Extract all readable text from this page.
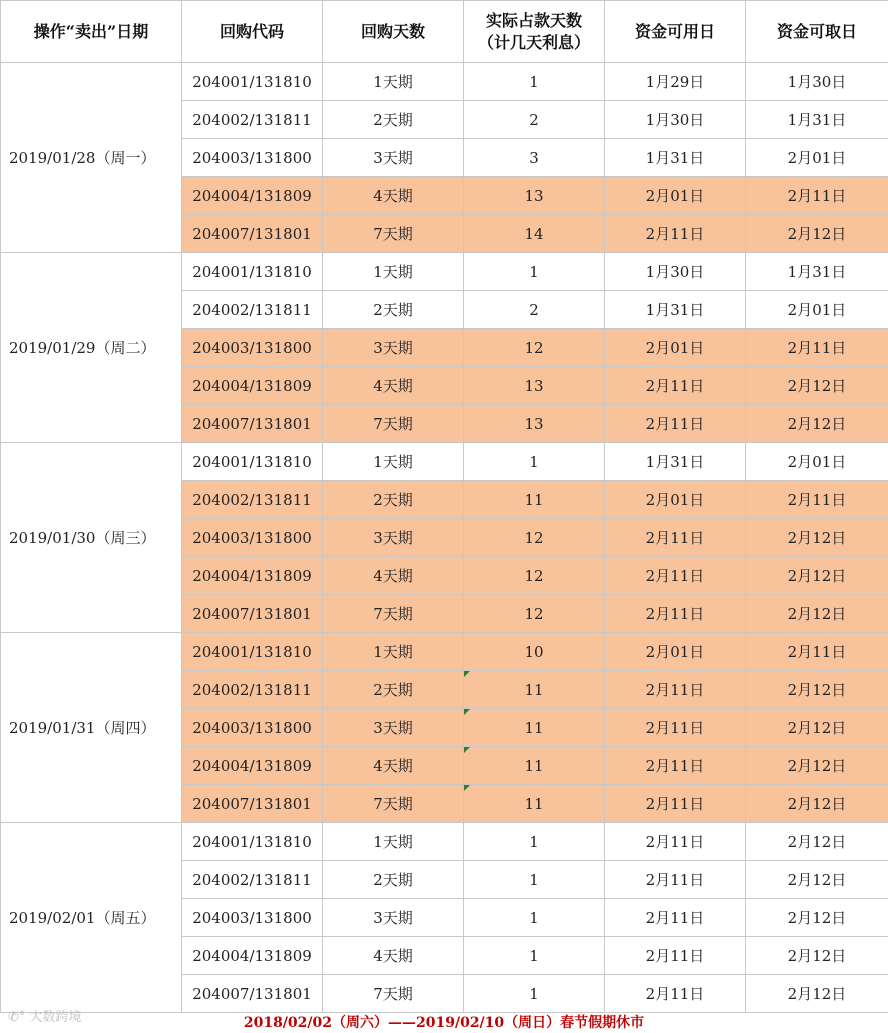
操作“卖出”日期	回购代码	回购天数	实际占款天数
（计几天利息）	资金可用日	资金可取日
2019/01/28（周一）	204001/131810	1天期	1	1月29日	1月30日
	204002/131811	2天期	2	1月30日	1月31日
	204003/131800	3天期	3	1月31日	2月01日
	204004/131809	4天期	13	2月01日	2月11日
	204007/131801	7天期	14	2月11日	2月12日
2019/01/29（周二）	204001/131810	1天期	1	1月30日	1月31日
	204002/131811	2天期	2	1月31日	2月01日
	204003/131800	3天期	12	2月01日	2月11日
	204004/131809	4天期	13	2月11日	2月12日
	204007/131801	7天期	13	2月11日	2月12日
2019/01/30（周三）	204001/131810	1天期	1	1月31日	2月01日
	204002/131811	2天期	11	2月01日	2月11日
	204003/131800	3天期	12	2月11日	2月12日
	204004/131809	4天期	12	2月11日	2月12日
	204007/131801	7天期	12	2月11日	2月12日
2019/01/31（周四）	204001/131810	1天期	10	2月01日	2月11日
	204002/131811	2天期	11	2月11日	2月12日
	204003/131800	3天期	11	2月11日	2月12日
	204004/131809	4天期	11	2月11日	2月12日
	204007/131801	7天期	11	2月11日	2月12日
2019/02/01（周五）	204001/131810	1天期	1	2月11日	2月12日
	204002/131811	2天期	1	2月11日	2月12日
	204003/131800	3天期	1	2月11日	2月12日
	204004/131809	4天期	1	2月11日	2月12日
	204007/131801	7天期	1	2月11日	2月12日
✆° 大数跨境	2018/02/02（周六）——2019/02/10（周日）春节假期休市
